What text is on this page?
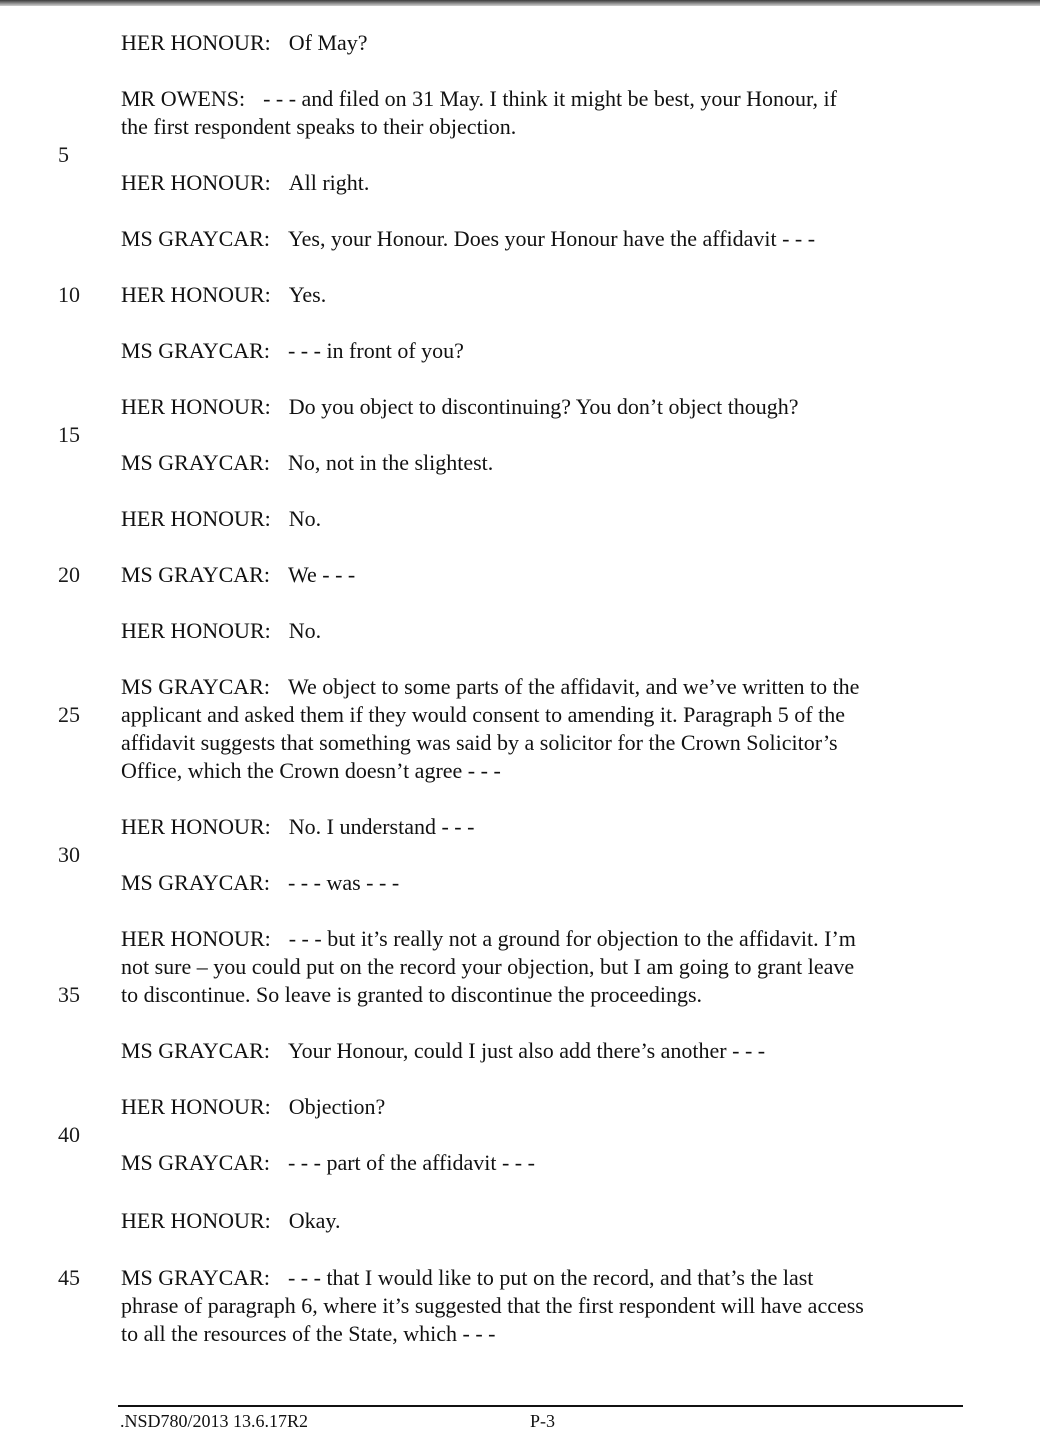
5
10
15
20
25
30
35
40
45
HER HONOUR: Of May?
MR OWENS: - - - and filed on 31 May. I think it might be best, your Honour, if
the first respondent speaks to their objection.
HER HONOUR: All right.
MS GRAYCAR: Yes, your Honour. Does your Honour have the affidavit - - -
HER HONOUR: Yes.
MS GRAYCAR: - - - in front of you?
HER HONOUR: Do you object to discontinuing? You don’t object though?
MS GRAYCAR: No, not in the slightest.
HER HONOUR: No.
MS GRAYCAR: We - - -
HER HONOUR: No.
MS GRAYCAR: We object to some parts of the affidavit, and we’ve written to the
applicant and asked them if they would consent to amending it. Paragraph 5 of the
affidavit suggests that something was said by a solicitor for the Crown Solicitor’s
Office, which the Crown doesn’t agree - - -
HER HONOUR: No. I understand - - -
MS GRAYCAR: - - - was - - -
HER HONOUR: - - - but it’s really not a ground for objection to the affidavit. I’m
not sure – you could put on the record your objection, but I am going to grant leave
to discontinue. So leave is granted to discontinue the proceedings.
MS GRAYCAR: Your Honour, could I just also add there’s another - - -
HER HONOUR: Objection?
MS GRAYCAR: - - - part of the affidavit - - -
HER HONOUR: Okay.
MS GRAYCAR: - - - that I would like to put on the record, and that’s the last
phrase of paragraph 6, where it’s suggested that the first respondent will have access
to all the resources of the State, which - - -
.NSD780/2013 13.6.17R2	P-3
